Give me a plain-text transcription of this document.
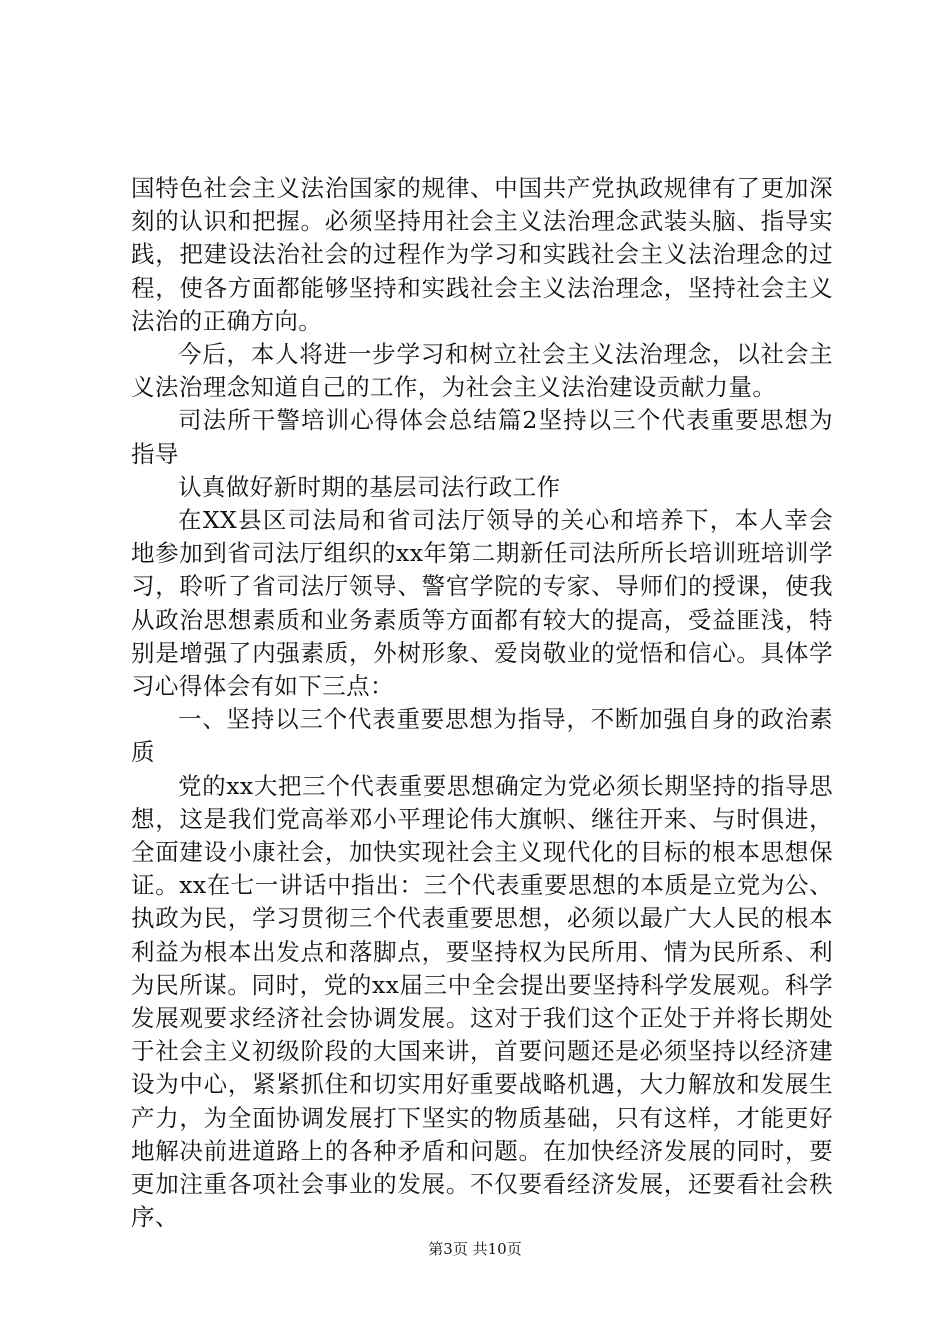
国特色社会主义法治国家的规律、中国共产党执政规律有了更加深刻的认识和把握。必须坚持用社会主义法治理念武装头脑、指导实践，把建设法治社会的过程作为学习和实践社会主义法治理念的过程，使各方面都能够坚持和实践社会主义法治理念，坚持社会主义法治的正确方向。

今后，本人将进一步学习和树立社会主义法治理念，以社会主义法治理念知道自己的工作，为社会主义法治建设贡献力量。

司法所干警培训心得体会总结篇2坚持以三个代表重要思想为指导

认真做好新时期的基层司法行政工作

在XX县区司法局和省司法厅领导的关心和培养下，本人幸会地参加到省司法厅组织的xx年第二期新任司法所所长培训班培训学习，聆听了省司法厅领导、警官学院的专家、导师们的授课，使我从政治思想素质和业务素质等方面都有较大的提高，受益匪浅，特别是增强了内强素质，外树形象、爱岗敬业的觉悟和信心。具体学习心得体会有如下三点：

一、坚持以三个代表重要思想为指导，不断加强自身的政治素质

党的xx大把三个代表重要思想确定为党必须长期坚持的指导思想，这是我们党高举邓小平理论伟大旗帜、继往开来、与时俱进，全面建设小康社会，加快实现社会主义现代化的目标的根本思想保证。xx在七一讲话中指出：三个代表重要思想的本质是立党为公、执政为民，学习贯彻三个代表重要思想，必须以最广大人民的根本利益为根本出发点和落脚点，要坚持权为民所用、情为民所系、利为民所谋。同时，党的xx届三中全会提出要坚持科学发展观。科学发展观要求经济社会协调发展。这对于我们这个正处于并将长期处于社会主义初级阶段的大国来讲，首要问题还是必须坚持以经济建设为中心，紧紧抓住和切实用好重要战略机遇，大力解放和发展生产力，为全面协调发展打下坚实的物质基础，只有这样，才能更好地解决前进道路上的各种矛盾和问题。在加快经济发展的同时，要更加注重各项社会事业的发展。不仅要看经济发展，还要看社会秩序、

第3页 共10页
